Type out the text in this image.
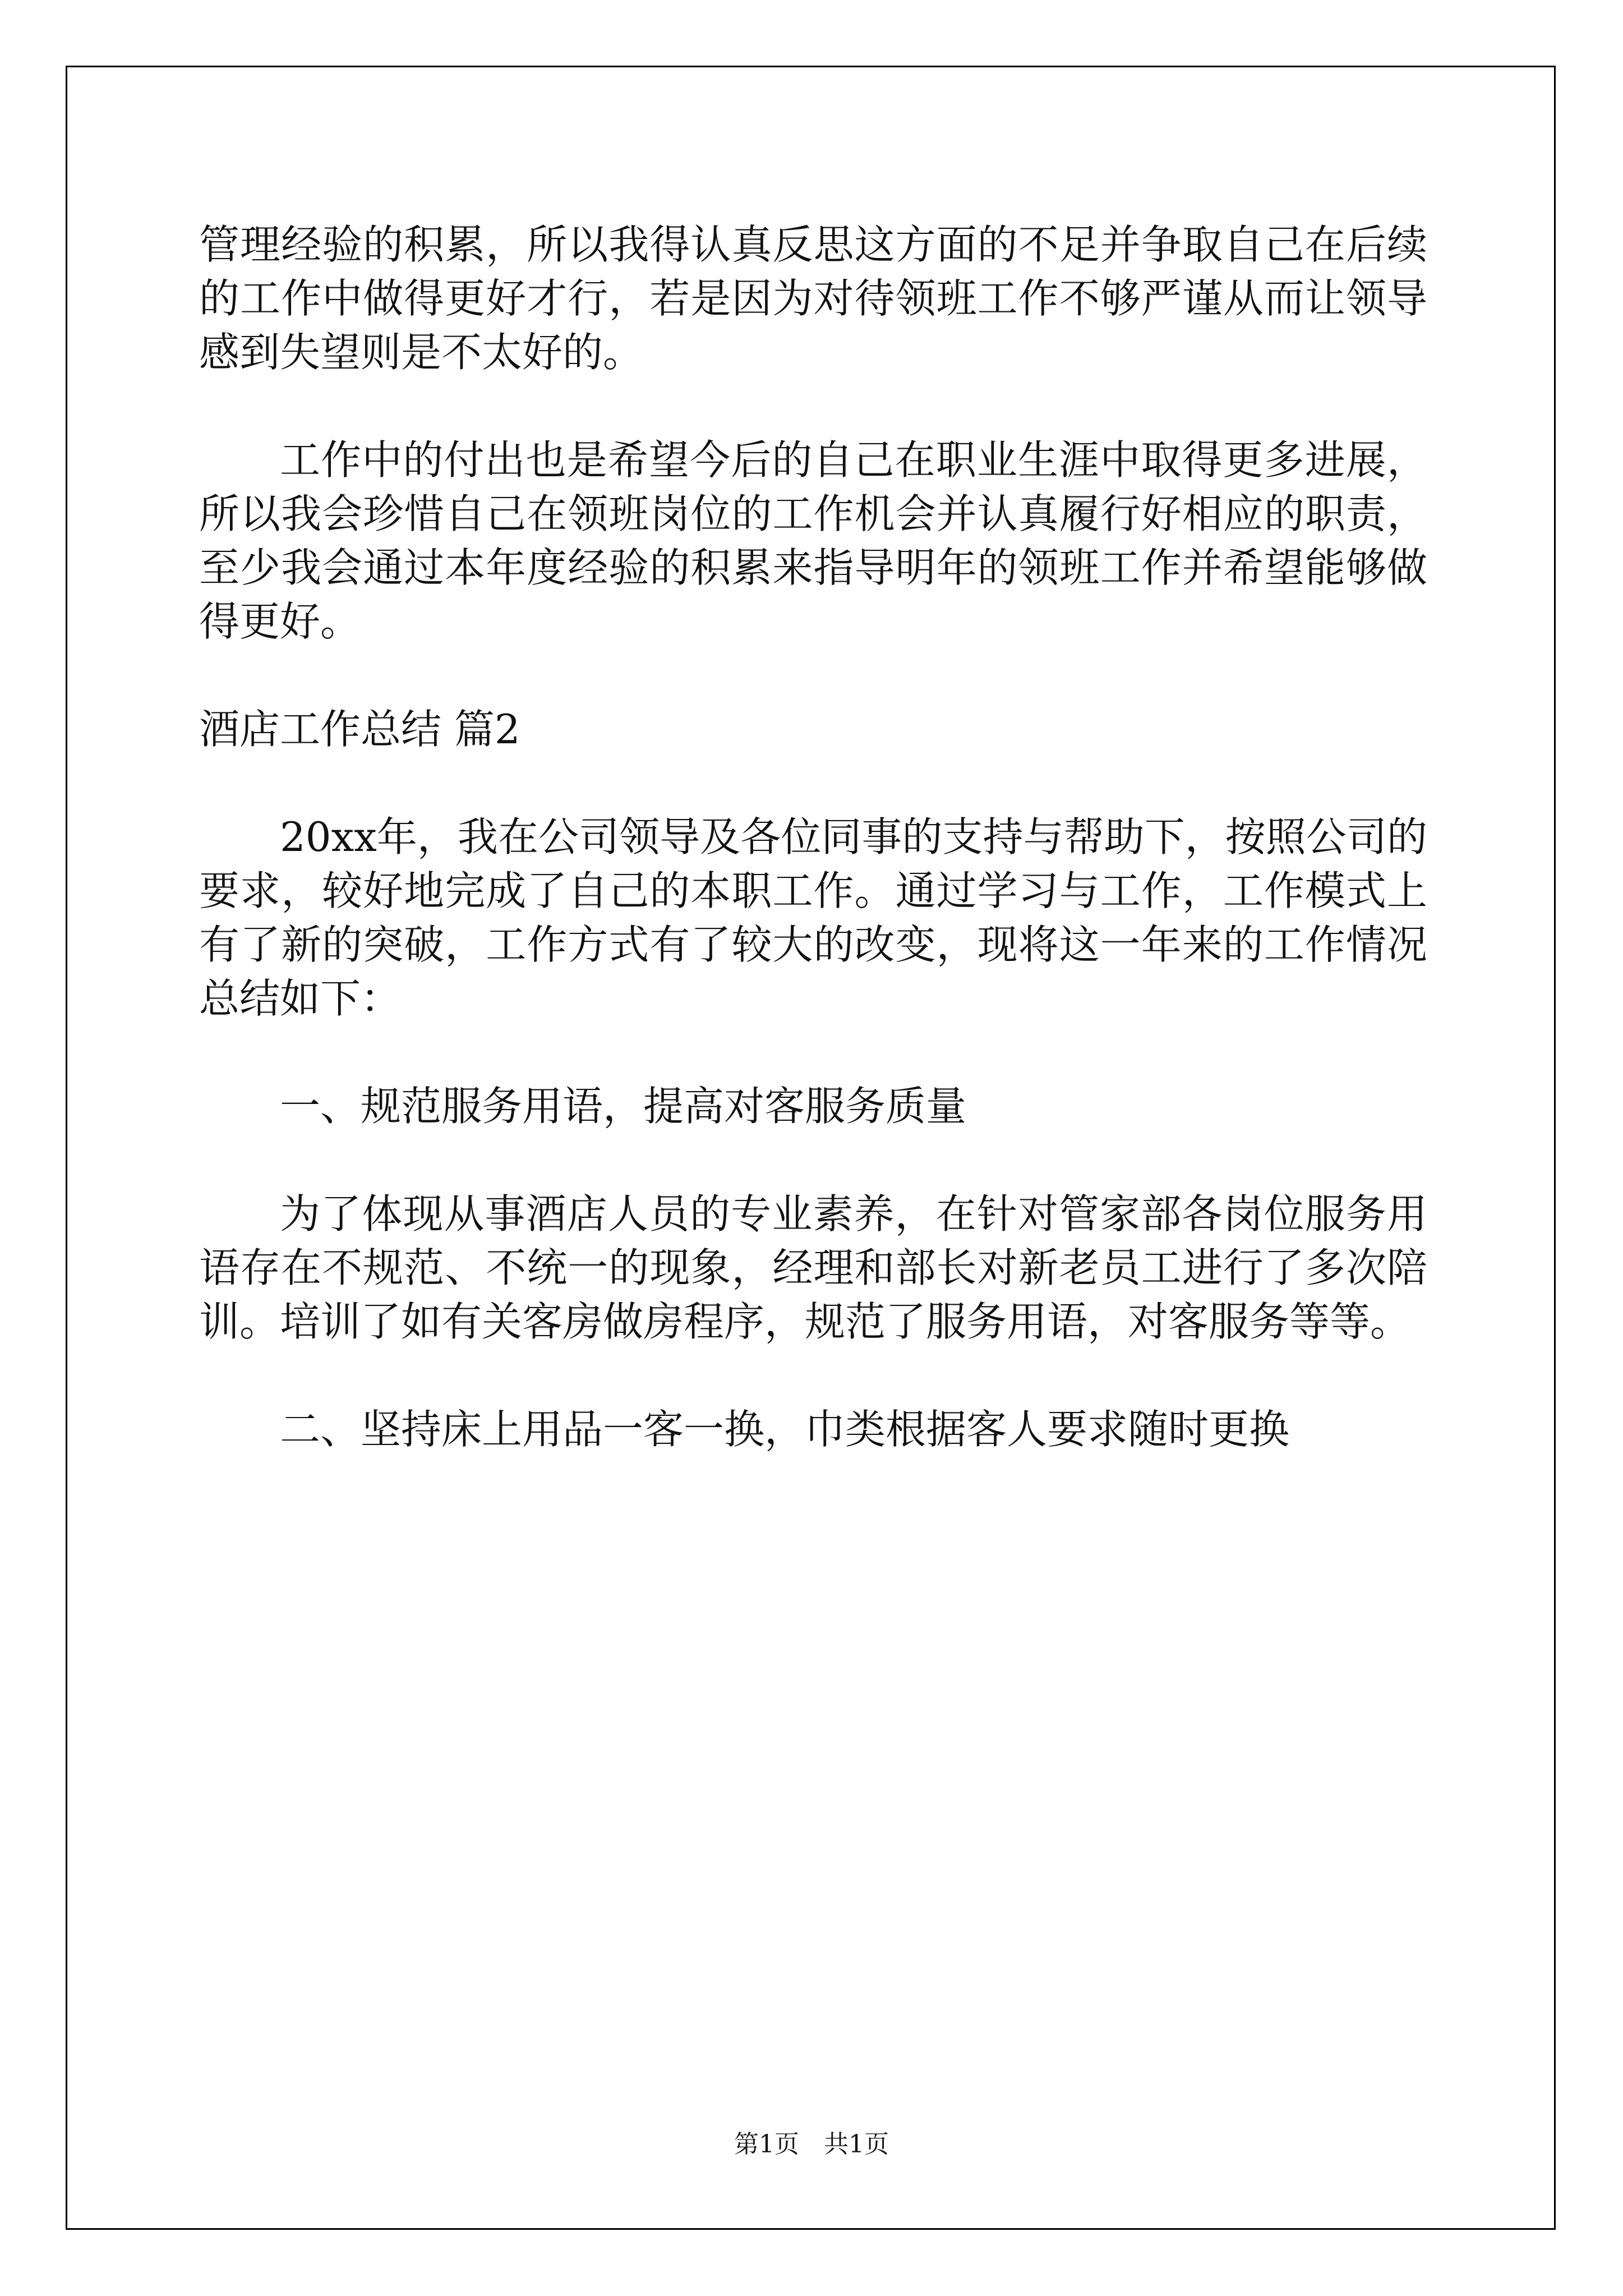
管理经验的积累，所以我得认真反思这方面的不足并争取自己在后续的工作中做得更好才行，若是因为对待领班工作不够严谨从而让领导感到失望则是不太好的。

工作中的付出也是希望今后的自己在职业生涯中取得更多进展，所以我会珍惜自己在领班岗位的工作机会并认真履行好相应的职责，至少我会通过本年度经验的积累来指导明年的领班工作并希望能够做得更好。

酒店工作总结 篇2

20xx年，我在公司领导及各位同事的支持与帮助下，按照公司的要求，较好地完成了自己的本职工作。通过学习与工作，工作模式上有了新的突破，工作方式有了较大的改变，现将这一年来的工作情况总结如下：

一、规范服务用语，提高对客服务质量

为了体现从事酒店人员的专业素养，在针对管家部各岗位服务用语存在不规范、不统一的现象，经理和部长对新老员工进行了多次陪训。培训了如有关客房做房程序，规范了服务用语，对客服务等等。

二、坚持床上用品一客一换，巾类根据客人要求随时更换

第1页　共1页
